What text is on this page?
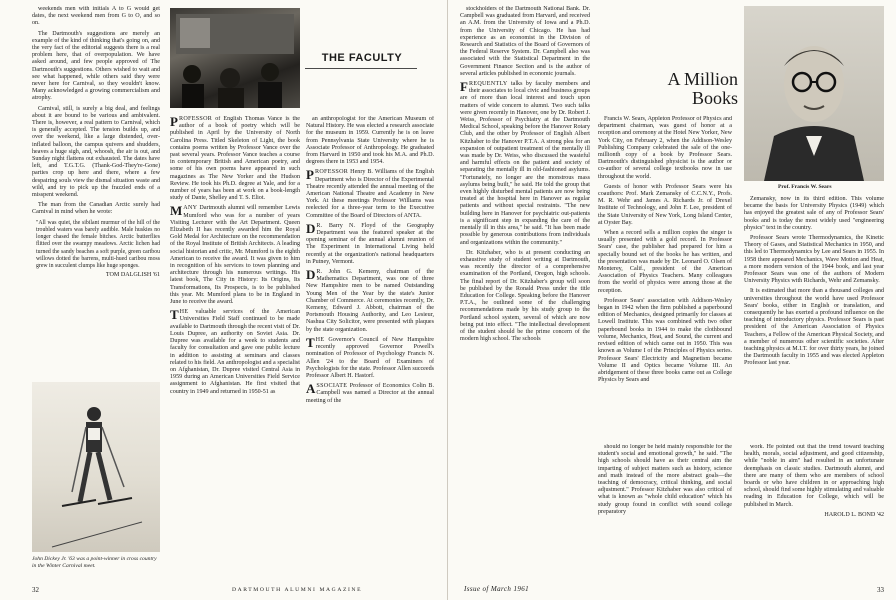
weekends men with initials A to G would get dates, the next weekend men from G to O, and so on.

The Dartmouth's suggestions are merely an example of the kind of thinking that's going on, and the very fact of the editorial suggests there is a real problem here, that of overpopulation. We have asked around, and few people approved of The Dartmouth's suggestions. Others wished to wait and see what happened, while others said they were never here for Carnival, so they wouldn't know. Many acknowledged a growing commercialism and atrophy.

Carnival, still, is surely a big deal, and feelings about it are bound to be various and ambivalent. There is, however, a real pattern to Carnival, which is generally accepted. The tension builds up, and over the weekend, like a large distended, over-inflated balloon, the campus quivers and shudders, heaves a huge sigh, and, whoosh, the air is out, and Sunday night flattens out exhausted. The dates have left, and T.G.T.G. (Thank-God-They're-Gone) parties crop up here and there, where a few despairing souls view the dismal situation waste and wild, and try to pick up the frazzled ends of a misspent weekend.

The man from the Canadian Arctic surely had Carnival in mind when he wrote:

"All was quiet, the sibilant murmur of the hill of the troubled waters was barely audible. Male huskies no longer chased the female bitches. Arctic butterflies flitted over the swampy meadows. Arctic lichen had turned the sandy beaches a soft purple, green caribou willows dotted the barrens, multi-hued caribou moss grew in succulent clumps like huge sponges.
TOM DALGLISH '61
John Dickey Jr. '63 was a point-winner in cross country in the Winter Carnival meet.
THE FACULTY

PROFESSOR of English Thomas Vance is the author of a book of poetry which will be published in April by the University of North Carolina Press. Titled Skeleton of Light, the book contains poems written by Professor Vance over the past several years. Professor Vance teaches a course in contemporary British and American poetry, and some of his own poems have appeared in such magazines as The New Yorker and the Hudson Review. He took his Ph.D. degree at Yale, and for a number of years has been at work on a book-length study of Dante, Shelley and T. S. Eliot.

MANY Dartmouth alumni will remember Lewis Mumford who was for a number of years Visiting Lecturer with the Art Department. Queen Elizabeth II has recently awarded him the Royal Gold Medal for Architecture on the recommendation of the Royal Institute of British Architects. A leading social historian and critic, Mr. Mumford is the eighth American to receive the award. It was given to him in recognition of his services to town planning and architecture through his numerous writings. His latest book, The City in History: Its Origins, Its Transformations, Its Prospects, is to be published this year. Mr. Mumford plans to be in England in June to receive the award.

THE valuable services of the American Universities Field Staff continued to be made available to Dartmouth through the recent visit of Dr. Louis Dupree, an authority on Soviet Asia. Dr. Dupree was available for a week to students and faculty for consultation and gave one public lecture in addition to assisting at seminars and classes related to his field. An anthropologist and a specialist on Afghanistan, Dr. Dupree visited Central Asia in 1959 during an American Universities Field Service assignment to Afghanistan. He first visited that country in 1949 and returned in 1950-51 as

an anthropologist for the American Museum of Natural History. He was elected a research associate for the museum in 1959. Currently he is on leave from Pennsylvania State University where he is Associate Professor of Anthropology. He graduated from Harvard in 1950 and took his M.A. and Ph.D. degrees there in 1953 and 1954.

PROFESSOR Henry B. Williams of the English Department who is Director of the Experimental Theatre recently attended the annual meeting of the American National Theatre and Academy in New York. At these meetings Professor Williams was reelected for a three-year term to the Executive Committee of the Board of Directors of ANTA.

D R. Barry N. Floyd of the Geography Department was the featured speaker at the opening seminar of the annual alumni reunion of The Experiment in International Living held recently at the organization's national headquarters in Putney, Vermont.

D R. John G. Kemeny, chairman of the Mathematics Department, was one of three New Hampshire men to be named Outstanding Young Men of the Year by the state's Junior Chamber of Commerce. At ceremonies recently, Dr. Kemeny, Edward J. Abbott, chairman of the Portsmouth Housing Authority, and Leo Lesieur, Nashua City Solicitor, were presented with plaques by the state organization.

THE Governor's Council of New Hampshire recently approved Governor Powell's nomination of Professor of Psychology Francis N. Allen '24 to the Board of Examiners of Psychologists for the state. Professor Allen succeeds Professor Albert H. Hastorf.

ASSOCIATE Professor of Economics Colin B. Campbell was named a Director at the annual meeting of the

32	DARTMOUTH ALUMNI MAGAZINE

stockholders of the Dartmouth National Bank. Dr. Campbell was graduated from Harvard, and received an A.M. from the University of Iowa and a Ph.D. from the University of Chicago. He has had experience as an economist in the Division of Research and Statistics of the Board of Governors of the Federal Reserve System. Dr. Campbell also was associated with the Statistical Department in the Government Finance Section and is the author of several articles published in economic journals.

FREQUENTLY talks by faculty members and their associates to local civic and business groups are of more than local interest and touch upon matters of wide concern to alumni. Two such talks were given recently in Hanover, one by Dr. Robert J. Weiss, Professor of Psychiatry at the Dartmouth Medical School, speaking before the Hanover Rotary Club, and the other by Professor of English Albert Kitzhaber to the Hanover P.T.A. A strong plea for an expansion of outpatient treatment of the mentally ill was made by Dr. Weiss, who discussed the wasteful and harmful effects on the patient and society of separating the mentally ill in old-fashioned asylums. "Fortunately, no longer are the monstrous mass asylums being built," he said. He told the group that even highly disturbed mental patients are now being treated at the hospital here in Hanover as regular patients and without special restraints. "The new building here in Hanover for psychiatric out-patients is a significant step in expanding the care of the mentally ill in this area," he said. "It has been made possible by generous contributions from individuals and organizations within the community."

Dr. Kitzhaber, who is at present conducting an exhaustive study of student writing at Dartmouth, was recently the director of a comprehensive examination of the Portland, Oregon, high schools. The final report of Dr. Kitzhaber's group will soon be published by the Ronald Press under the title Education for College. Speaking before the Hanover P.T.A., he outlined some of the challenging recommendations made by his study group to the Portland school system, several of which are now being put into effect. "The intellectual development of the student should be the prime concern of the modern high school. The schools

A Million
Books

Francis W. Sears, Appleton Professor of Physics and department chairman, was guest of honor at a reception and ceremony at the Hotel New Yorker, New York City, on February 2, when the Addison-Wesley Publishing Company celebrated the sale of the one-millionth copy of a book by Professor Sears. Dartmouth's distinguished physicist is the author or co-author of several college textbooks now in use throughout the world.

Guests of honor with Professor Sears were his coauthors: Prof. Mark Zemansky of C.C.N.Y., Profs. M. R. Wehr and James A. Richards Jr. of Drexel Institute of Technology, and John F. Lee, president of the State University of New York, Long Island Center, at Oyster Bay.

When a record sells a million copies the singer is usually presented with a gold record. In Professor Sears' case, the publisher had prepared for him a specially bound set of the books he has written, and the presentation was made by Dr. Leonard O. Olsen of Monterey, Calif., president of the American Association of Physics Teachers. Many colleagues from the world of physics were among those at the reception.

Professor Sears' association with Addison-Wesley began in 1942 when the firm published a paperbound edition of Mechanics, designed primarily for classes at Lowell Institute. This was combined with two other paperbound books in 1944 to make the clothbound volume, Mechanics, Heat, and Sound, the current and revised edition of which came out in 1950. This was known as Volume I of the Principles of Physics series. Professor Sears' Electricity and Magnetism became Volume II and Optics became Volume III. An abridgement of these three books came out as College Physics by Sears and

should no longer be held mainly responsible for the student's social and emotional growth," he said. "The high schools should have as their central aim the imparting of subject matters such as history, science and math instead of the more abstract goals—the teaching of democracy, critical thinking, and social adjustment." Professor Kitzhaber was also critical of what is known as "whole child education" which his study group found in conflict with sound college preparatory

Prof. Francis W. Sears

Zemansky, now in its third edition. This volume became the basis for University Physics (1949) which has enjoyed the greatest sale of any of Professor Sears' books and is today the most widely used "engineering physics" text in the country.

Professor Sears wrote Thermodynamics, the Kinetic Theory of Gases, and Statistical Mechanics in 1950, and this led to Thermodynamics by Lee and Sears in 1955. In 1958 there appeared Mechanics, Wave Motion and Heat, a more modern version of the 1944 book, and last year Professor Sears was one of the authors of Modern University Physics with Richards, Wehr and Zemansky.

It is estimated that more than a thousand colleges and universities throughout the world have used Professor Sears' books, either in English or translation, and consequently he has exerted a profound influence on the teaching of introductory physics. Professor Sears is past president of the American Association of Physics Teachers, a Fellow of the American Physical Society, and a member of numerous other scientific societies. After teaching physics at M.I.T. for over thirty years, he joined the Dartmouth faculty in 1955 and was elected Appleton Professor last year.

work. He pointed out that the trend toward teaching health, morals, social adjustment, and good citizenship, while "noble in aim" had resulted in an unfortunate deemphasis on classic studies. Dartmouth alumni, and there are many of them who are members of school boards or who have children in or approaching high school, should find some highly stimulating and valuable reading in Education for College, which will be published in March.

HAROLD L. BOND '42
Issue of March 1961	33
